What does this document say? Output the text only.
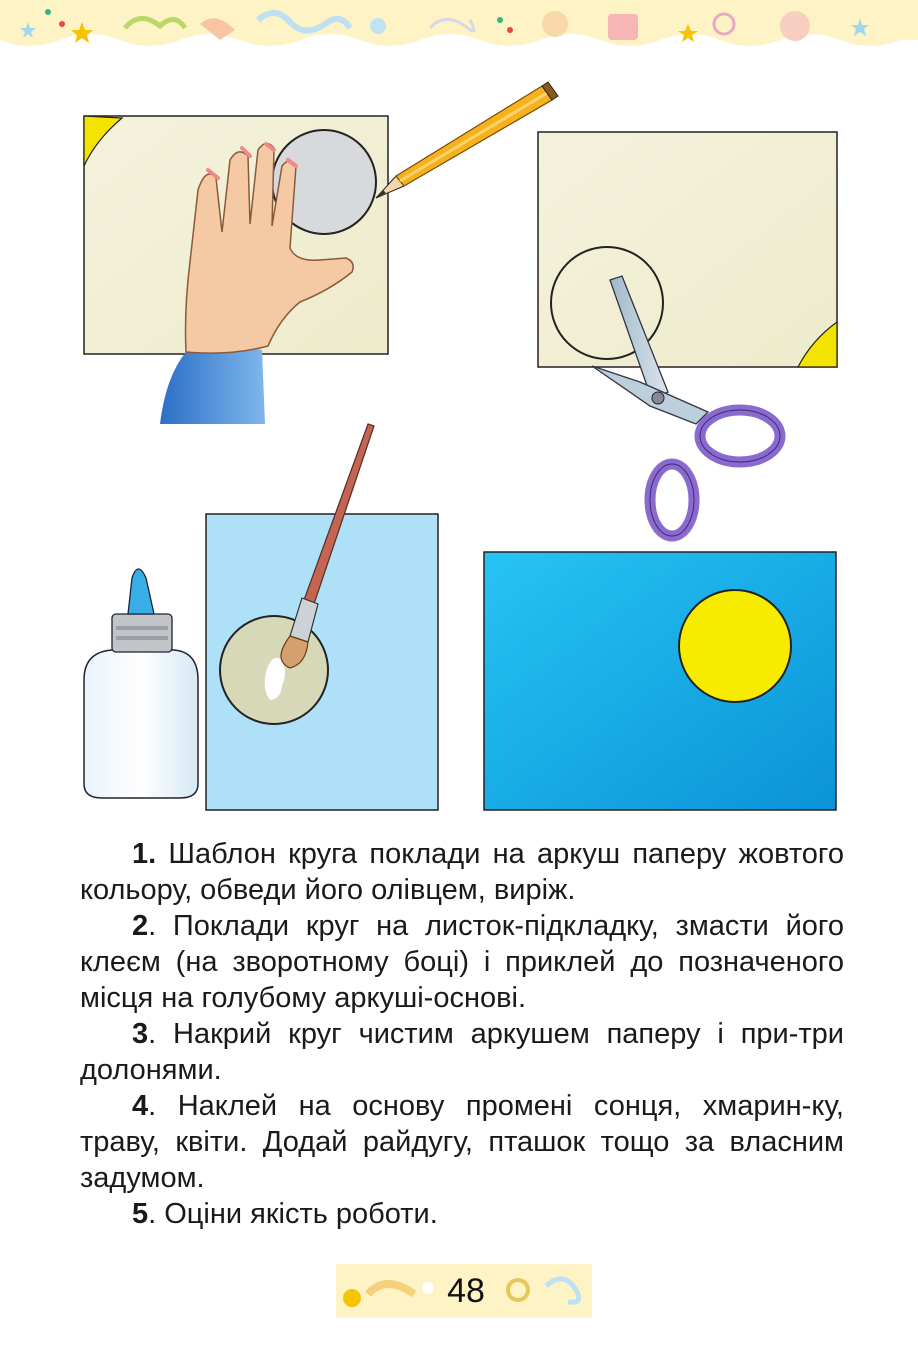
1. Шаблон круга поклади на аркуш паперу жовтого кольору, обведи його олівцем, виріж.

2. Поклади круг на листок-підкладку, змасти його клеєм (на зворотному боці) і приклей до позначеного місця на голубому аркуші-основі.

3. Накрий круг чистим аркушем паперу і при-три долонями.

4. Наклей на основу промені сонця, хмарин-ку, траву, квіти. Додай райдугу, пташок тощо за власним задумом.

5. Оціни якість роботи.

48
